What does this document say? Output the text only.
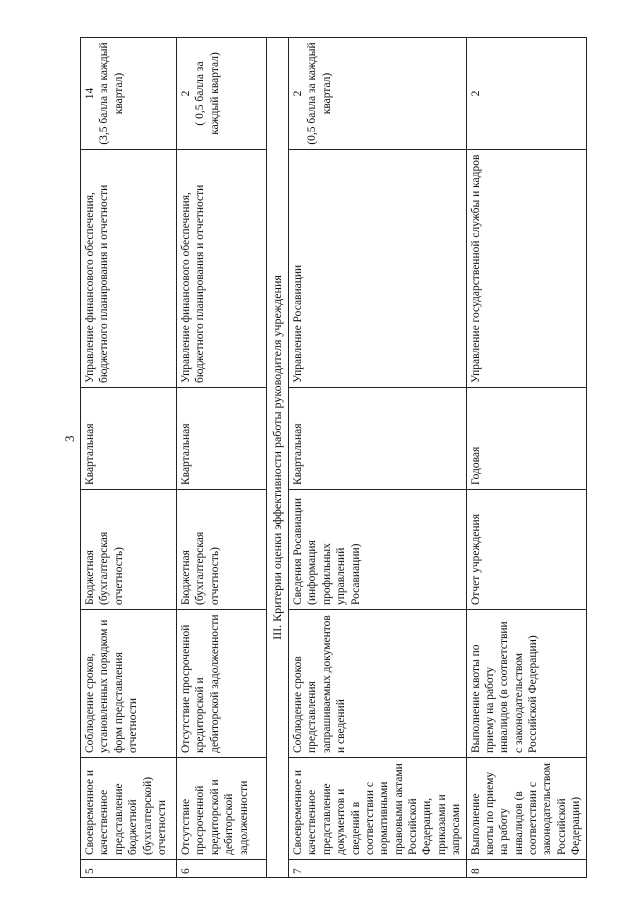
3
5	Своевременное и качественное представление бюджетной (бухгалтерской) отчетности	Соблюдение сроков, установленных порядком и форм представления отчетности	Бюджетная (бухгалтерская отчетность)	Квартальная	Управление финансового обеспечения, бюджетного планирования и отчетности	14 (3,5 балла за каждый квартал)

6	Отсутствие просроченной кредиторской и дебиторской задолженности	Отсутствие просроченной кредиторской и дебиторской задолженности	Бюджетная (бухгалтерская отчетность)	Квартальная	Управление финансового обеспечения, бюджетного планирования и отчетности	2 ( 0,5 балла за каждый квартал)

III. Критерии оценки эффективности работы руководителя учреждения						
7	Своевременное и качественное представление документов и сведений в соответствии с нормативными правовыми актами Российской Федерации, приказами и запросами	Соблюдение сроков представления запрашиваемых документов и сведений	Сведения Росавиации (информация профильных управлений Росавиации)	Квартальная	Управление Росавиации	2 (0,5 балла за каждый квартал)

8	Выполнение квоты по приему на работу инвалидов (в соответствии с законодательством Российской Федерации)	Выполнение квоты по приему на работу инвалидов (в соответствии с законодательством Российской Федерации)	Отчет учреждения	Годовая	Управление государственной службы и кадров	2
